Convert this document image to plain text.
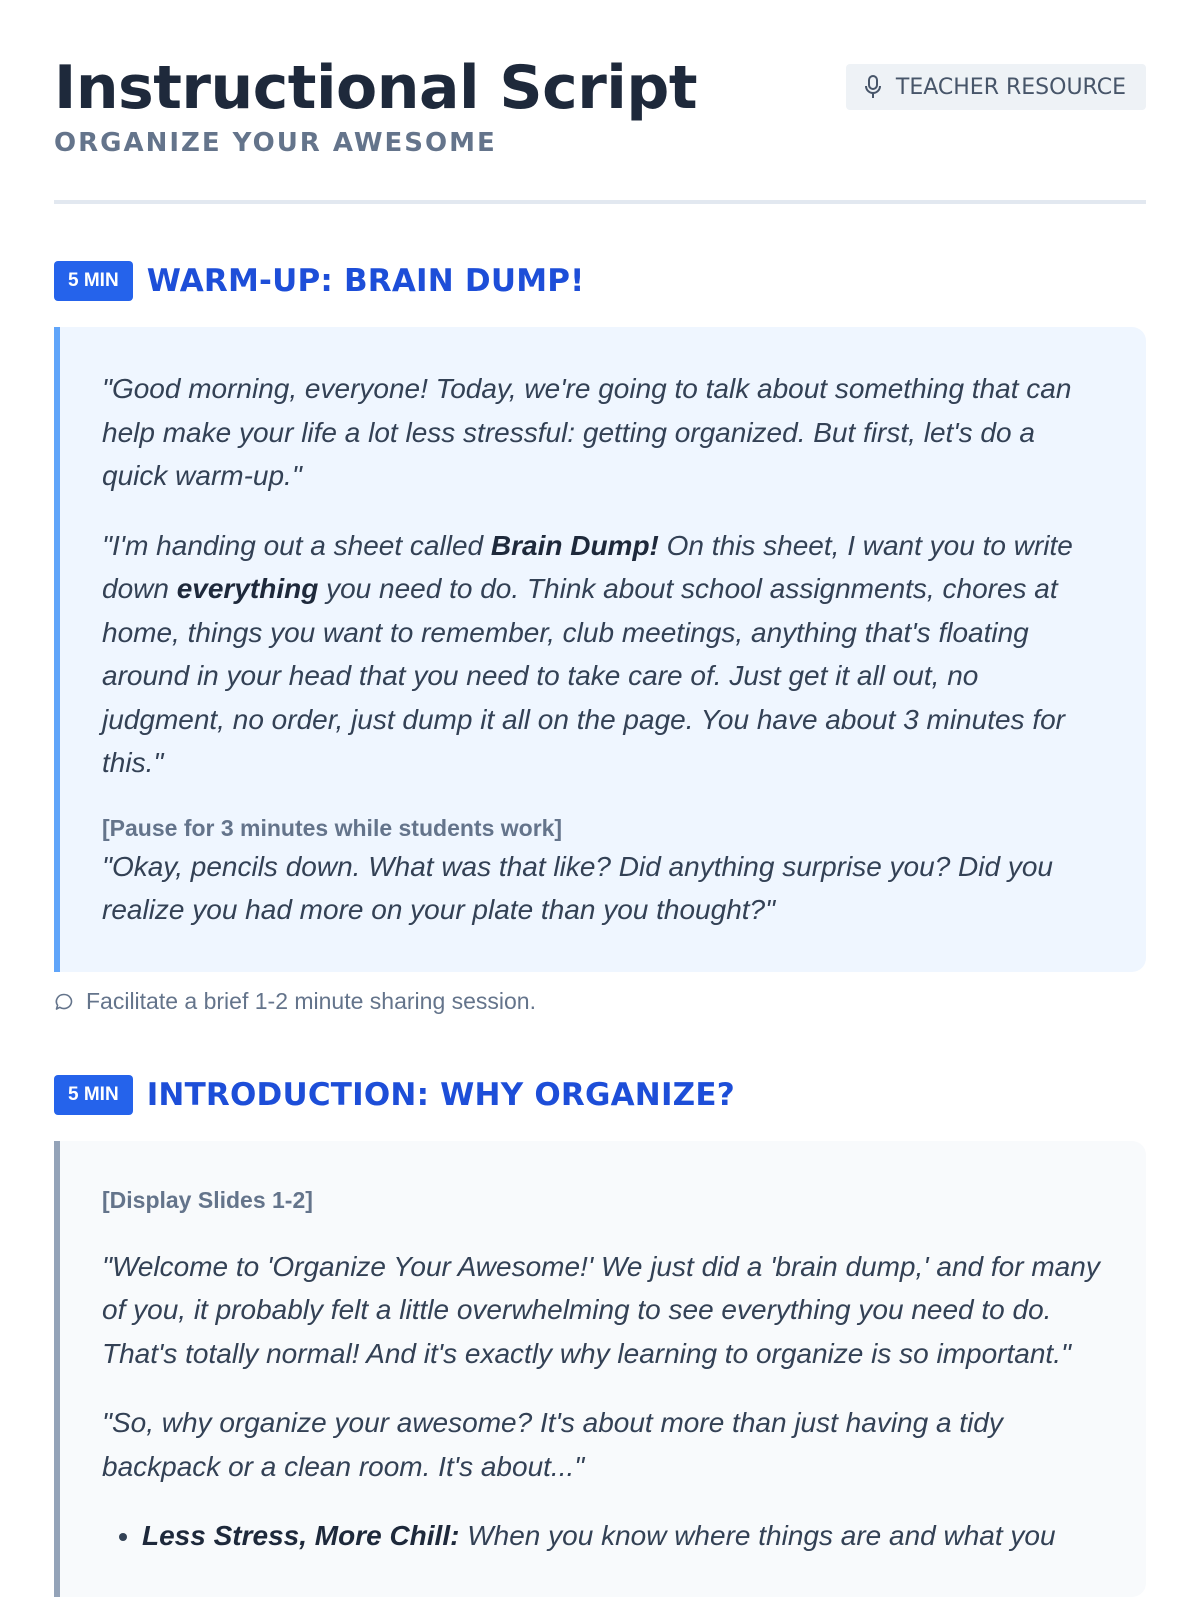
Instructional Script
ORGANIZE YOUR AWESOME
TEACHER RESOURCE
5 MIN WARM-UP: BRAIN DUMP!

"Good morning, everyone! Today, we're going to talk about something that can help make your life a lot less stressful: getting organized. But first, let's do a quick warm-up."

"I'm handing out a sheet called Brain Dump! On this sheet, I want you to write down everything you need to do. Think about school assignments, chores at home, things you want to remember, club meetings, anything that's floating around in your head that you need to take care of. Just get it all out, no judgment, no order, just dump it all on the page. You have about 3 minutes for this."

[Pause for 3 minutes while students work]

"Okay, pencils down. What was that like? Did anything surprise you? Did you realize you had more on your plate than you thought?"

Facilitate a brief 1-2 minute sharing session.
5 MIN INTRODUCTION: WHY ORGANIZE?

[Display Slides 1-2]

"Welcome to 'Organize Your Awesome!' We just did a 'brain dump,' and for many of you, it probably felt a little overwhelming to see everything you need to do. That's totally normal! And it's exactly why learning to organize is so important."

"So, why organize your awesome? It's about more than just having a tidy backpack or a clean room. It's about..."

• Less Stress, More Chill: When you know where things are and what you
